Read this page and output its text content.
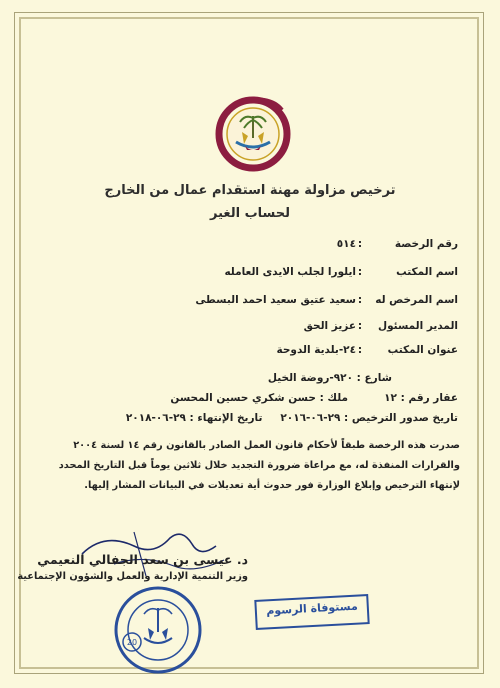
ترخيص مزاولة مهنة استقدام عمال من الخارج
لحساب الغير
رقم الرخصة
:
٥١٤
اسم المكتب
:
ايلورا لجلب الايدى العامله
اسم المرخص له
:
سعيد عتيق سعيد احمد البسطى
المدير المسئول
:
عزيز الحق
عنوان المكتب
:
٢٤-بلدية الدوحة
شارع : ٩٢٠-روضة الخيل
ملك : حسن شكري حسين المحسن	عقار رقم : ١٢
تاريخ صدور الترخيص : ٢٩-٠٦-٢٠١٦
تاريخ الإنتهاء : ٢٩-٠٦-٢٠١٨
صدرت هذه الرخصة طبقاً لأحكام قانون العمل الصادر بالقانون رقم ١٤ لسنة ٢٠٠٤
والقرارات المنفذة له، مع مراعاة ضرورة التجديد خلال ثلاثين يوماً قبل التاريخ المحدد
لإنتهاء الترخيص وإبلاغ الوزارة فور حدوث أية تعديلات في البيانات المشار إليها.
د. عيسى بن سعد الجفالي النعيمي
وزير التنمية الإدارية والعمل والشؤون الإجتماعية
20
مستوفاة الرسوم
